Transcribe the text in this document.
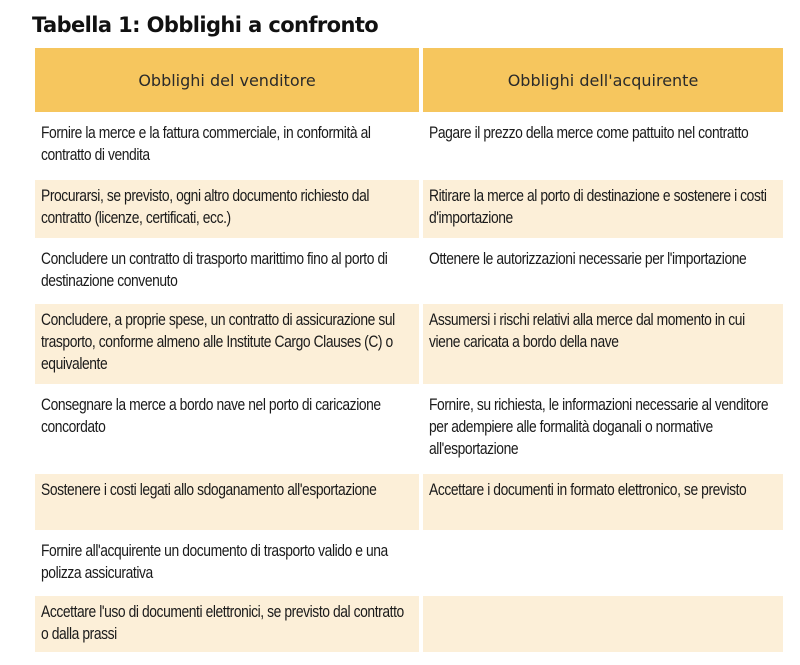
Tabella 1: Obblighi a confronto
Obblighi del venditore	Obblighi dell'acquirente
Fornire la merce e la fattura commerciale, in conformità al contratto di vendita	Pagare il prezzo della merce come pattuito nel contratto
Procurarsi, se previsto, ogni altro documento richiesto dal contratto (licenze, certificati, ecc.)	Ritirare la merce al porto di destinazione e sostenere i costi d'importazione
Concludere un contratto di trasporto marittimo fino al porto di destinazione convenuto	Ottenere le autorizzazioni necessarie per l'importazione
Concludere, a proprie spese, un contratto di assicurazione sul trasporto, conforme almeno alle Institute Cargo Clauses (C) o equivalente	Assumersi i rischi relativi alla merce dal momento in cui viene caricata a bordo della nave
Consegnare la merce a bordo nave nel porto di caricazione concordato	Fornire, su richiesta, le informazioni necessarie al venditore per adempiere alle formalità doganali o normative all'esportazione
Sostenere i costi legati allo sdoganamento all'esportazione	Accettare i documenti in formato elettronico, se previsto
Fornire all'acquirente un documento di trasporto valido e una polizza assicurativa	
Accettare l'uso di documenti elettronici, se previsto dal contratto o dalla prassi	
